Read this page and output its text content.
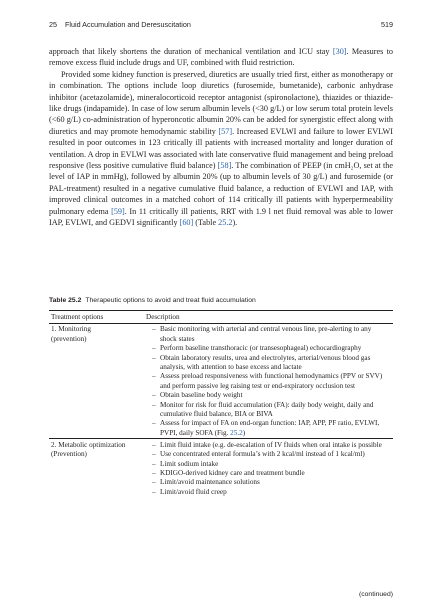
25 Fluid Accumulation and Deresuscitation	519

approach that likely shortens the duration of mechanical ventilation and ICU stay [30]. Measures to remove excess fluid include drugs and UF, combined with fluid restriction.

Provided some kidney function is preserved, diuretics are usually tried first, either as monotherapy or in combination. The options include loop diuretics (furosemide, bumetanide), carbonic anhydrase inhibitor (acetazolamide), mineralocorticoid receptor antagonist (spironolactone), thiazides or thiazide-like drugs (indapamide). In case of low serum albumin levels (<30 g/L) or low serum total protein levels (<60 g/L) co-administration of hyperoncotic albumin 20% can be added for synergistic effect along with diuretics and may promote hemodynamic stability [57]. Increased EVLWI and failure to lower EVLWI resulted in poor outcomes in 123 critically ill patients with increased mortality and longer duration of ventilation. A drop in EVLWI was associated with late conservative fluid management and being preload responsive (less positive cumulative fluid balance) [58]. The combination of PEEP (in cmH₂O, set at the level of IAP in mmHg), followed by albumin 20% (up to albumin levels of 30 g/L) and furosemide (or PAL-treatment) resulted in a negative cumulative fluid balance, a reduction of EVLWI and IAP, with improved clinical outcomes in a matched cohort of 114 critically ill patients with hyperpermeability pulmonary edema [59]. In 11 critically ill patients, RRT with 1.9 l net fluid removal was able to lower IAP, EVLWI, and GEDVI significantly [60] (Table 25.2).

Table 25.2 Therapeutic options to avoid and treat fluid accumulation
Treatment options	Description
1. Monitoring
(prevention)
– Basic monitoring with arterial and central venous line, pre-alerting to any shock states
– Perform baseline transthoracic (or transesophageal) echocardiography
– Obtain laboratory results, urea and electrolytes, arterial/venous blood gas analysis, with attention to base excess and lactate
– Assess preload responsiveness with functional hemodynamics (PPV or SVV) and perform passive leg raising test or end-expiratory occlusion test
– Obtain baseline body weight
– Monitor for risk for fluid accumulation (FA): daily body weight, daily and cumulative fluid balance, BIA or BIVA
– Assess for impact of FA on end-organ function: IAP, APP, PF ratio, EVLWI, PVPI, daily SOFA (Fig. 25.2)
2. Metabolic optimization
(Prevention)
– Limit fluid intake (e.g. de-escalation of IV fluids when oral intake is possible
– Use concentrated enteral formula’s with 2 kcal/ml instead of 1 kcal/ml)
– Limit sodium intake
– KDIGO-derived kidney care and treatment bundle
– Limit/avoid maintenance solutions
– Limit/avoid fluid creep
(continued)
